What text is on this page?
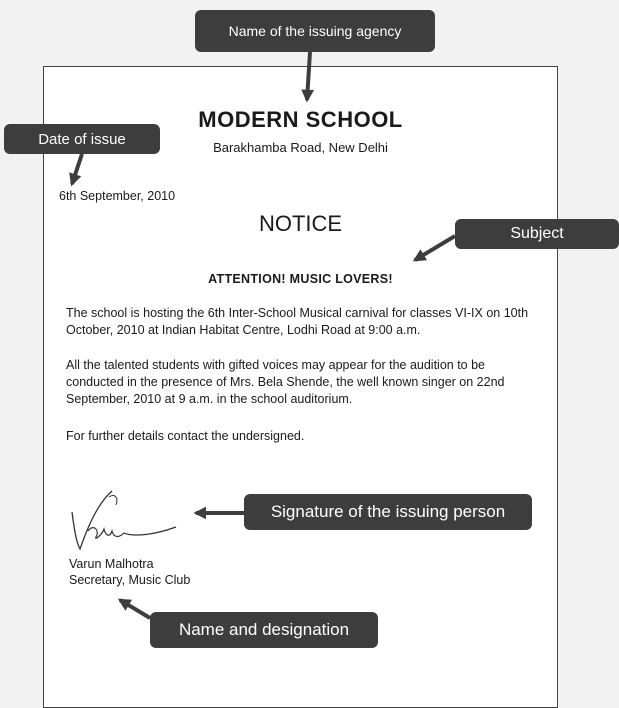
MODERN SCHOOL
Barakhamba Road, New Delhi
6th September, 2010
NOTICE
ATTENTION! MUSIC LOVERS!
The school is hosting the 6th Inter-School Musical carnival for classes VI-IX on 10th October, 2010 at Indian Habitat Centre, Lodhi Road at 9:00 a.m.
All the talented students with gifted voices may appear for the audition to be conducted in the presence of Mrs. Bela Shende, the well known singer on 22nd September, 2010 at 9 a.m. in the school auditorium.
For further details contact the undersigned.
Varun Malhotra
Secretary, Music Club
Name of the issuing agency
Date of issue
Subject
Signature of the issuing person
Name and designation
